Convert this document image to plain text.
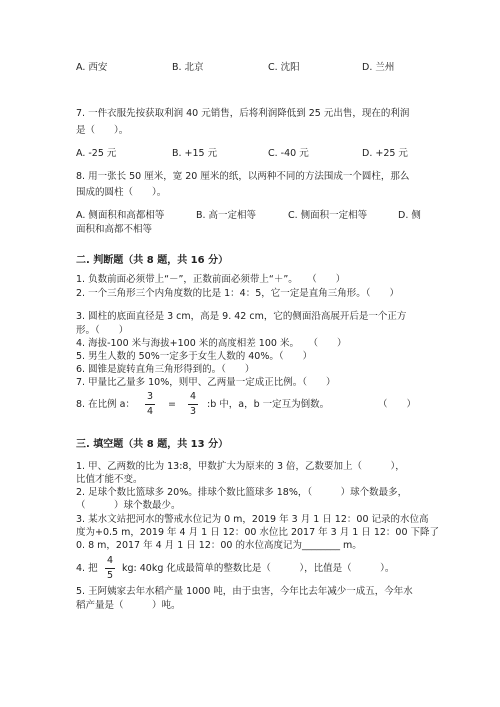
A. 西安	B. 北京	C. 沈阳	D. 兰州
7. 一件衣服先按获取利润 40 元销售，后将利润降低到 25 元出售，现在的利润
是（　　）。
A. -25 元	B. +15 元	C. -40 元	D. +25 元
8. 用一张长 50 厘米，宽 20 厘米的纸，以两种不同的方法围成一个圆柱，那么
围成的圆柱（　　）。
A. 侧面积和高都相等	B. 高一定相等	C. 侧面积一定相等	D. 侧
面积和高都不相等
二. 判断题（共 8 题，共 16 分）
1. 负数前面必须带上“－”，正数前面必须带上“＋”。　　（　　）
2. 一个三角形三个内角度数的比是 1：4：5，它一定是直角三角形。（　　）
3. 圆柱的底面直径是 3 cm，高是 9. 42 cm，它的侧面沿高展开后是一个正方
形。（　　）
4. 海拔-100 米与海拔+100 米的高度相差 100 米。　　（　　）
5. 男生人数的 50%一定多于女生人数的 40%。（　　）
6. 圆锥是旋转直角三角形得到的。（　　）
7. 甲量比乙量多 10%，则甲、乙两量一定成正比例。（　　）
8. 在比例 a：
3
4
=
4
3
:b 中，a，b 一定互为倒数。	（　　）
三. 填空题（共 8 题，共 13 分）
1. 甲、乙两数的比为 13:8，甲数扩大为原来的 3 倍，乙数要加上（　　　），
比值才能不变。
2. 足球个数比篮球多 20%。排球个数比篮球多 18%，（　　　）球个数最多，
（　　　）球个数最少。
3. 某水文站把河水的警戒水位记为 0 m，2019 年 3 月 1 日 12：00 记录的水位高
度为+0.5 m，2019 年 4 月 1 日 12：00 水位比 2017 年 3 月 1 日 12：00 下降了
0. 8 m，2017 年 4 月 1 日 12：00 的水位高度记为________ m。
4. 把
4
5
kg: 40kg 化成最简单的整数比是（　　　），比值是（　　　）。
5. 王阿姨家去年水稻产量 1000 吨，由于虫害，今年比去年减少一成五，今年水
稻产量是（　　　）吨。
